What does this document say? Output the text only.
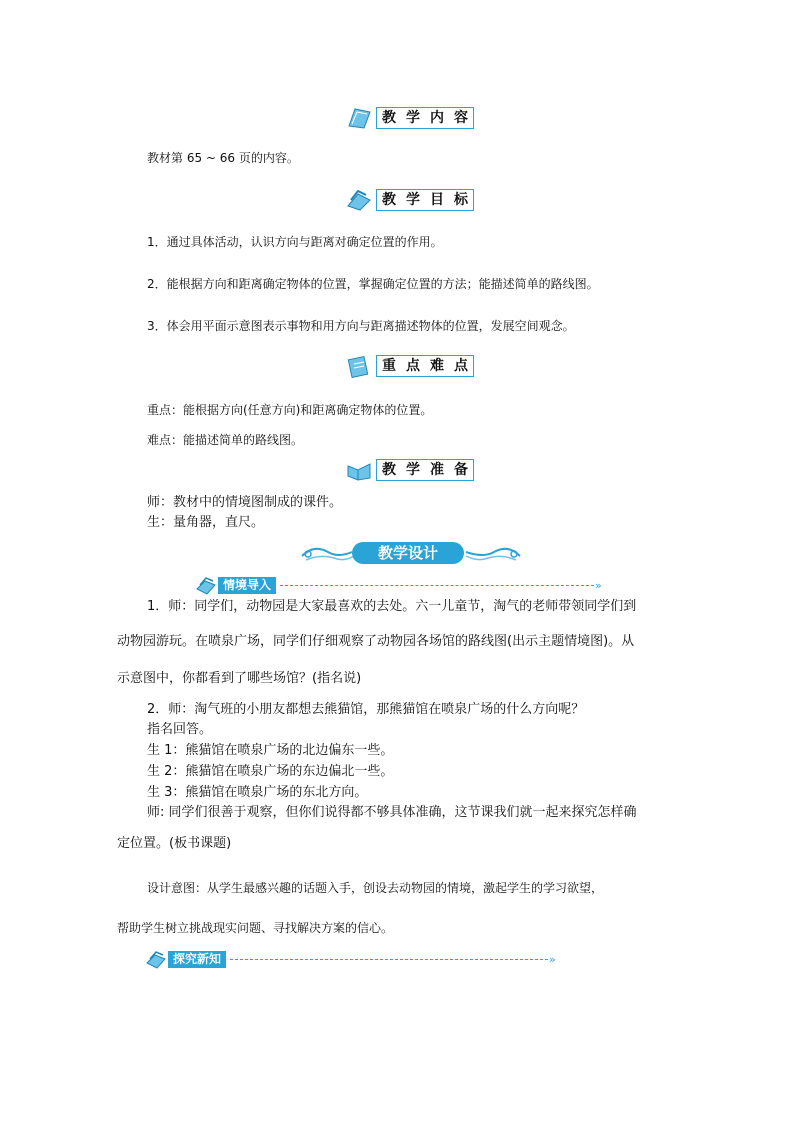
教 学 内 容
教材第 65 ~ 66 页的内容。
教 学 目 标
1．通过具体活动，认识方向与距离对确定位置的作用。
2．能根据方向和距离确定物体的位置，掌握确定位置的方法；能描述简单的路线图。
3．体会用平面示意图表示事物和用方向与距离描述物体的位置，发展空间观念。
重 点 难 点
重点：能根据方向(任意方向)和距离确定物体的位置。
难点：能描述简单的路线图。
教 学 准 备
师：教材中的情境图制成的课件。
生：量角器，直尺。
教学设计
情境导入	»
1．师：同学们，动物园是大家最喜欢的去处。六一儿童节，淘气的老师带领同学们到
动物园游玩。在喷泉广场，同学们仔细观察了动物园各场馆的路线图(出示主题情境图)。从
示意图中，你都看到了哪些场馆？(指名说)
2．师：淘气班的小朋友都想去熊猫馆，那熊猫馆在喷泉广场的什么方向呢？
指名回答。
生 1：熊猫馆在喷泉广场的北边偏东一些。
生 2：熊猫馆在喷泉广场的东边偏北一些。
生 3：熊猫馆在喷泉广场的东北方向。
师: 同学们很善于观察，但你们说得都不够具体准确，这节课我们就一起来探究怎样确
定位置。(板书课题)
设计意图：从学生最感兴趣的话题入手，创设去动物园的情境，激起学生的学习欲望，
帮助学生树立挑战现实问题、寻找解决方案的信心。
探究新知	»
